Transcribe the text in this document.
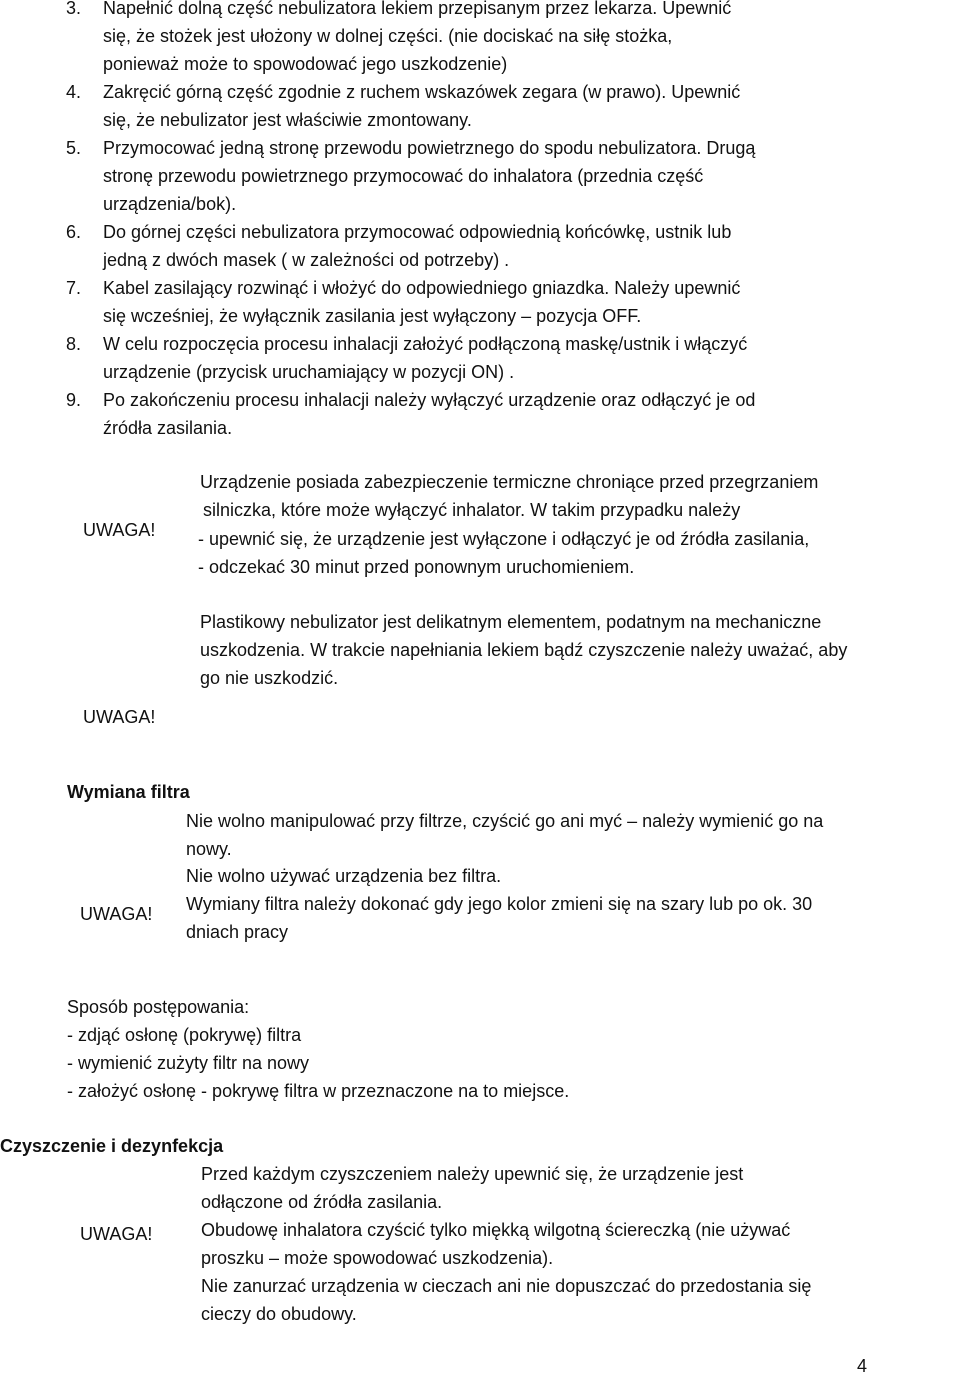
3. Napełnić dolną część nebulizatora lekiem przepisanym przez lekarza. Upewnić
się, że stożek jest ułożony w dolnej części. (nie dociskać na siłę stożka,
ponieważ może to spowodować jego uszkodzenie)
4. Zakręcić górną część zgodnie z ruchem wskazówek zegara (w prawo). Upewnić
się, że nebulizator jest właściwie zmontowany.
5. Przymocować jedną stronę przewodu powietrznego do spodu nebulizatora. Drugą
stronę przewodu powietrznego przymocować do inhalatora (przednia część
urządzenia/bok).
6. Do górnej części nebulizatora przymocować odpowiednią końcówkę, ustnik lub
jedną z dwóch masek ( w zależności od potrzeby) .
7. Kabel zasilający rozwinąć i włożyć do odpowiedniego gniazdka. Należy upewnić
się wcześniej, że wyłącznik zasilania jest wyłączony – pozycja OFF.
8. W celu rozpoczęcia procesu inhalacji założyć podłączoną maskę/ustnik i włączyć
urządzenie (przycisk uruchamiający w pozycji ON) .
9. Po zakończeniu procesu inhalacji należy wyłączyć urządzenie oraz odłączyć je od
źródła zasilania.
UWAGA!
Urządzenie posiada zabezpieczenie termiczne chroniące przed przegrzaniem
silniczka, które może wyłączyć inhalator. W takim przypadku należy
- upewnić się, że urządzenie jest wyłączone i odłączyć je od źródła zasilania,
- odczekać 30 minut przed ponownym uruchomieniem.
Plastikowy nebulizator jest delikatnym elementem, podatnym na mechaniczne
uszkodzenia. W trakcie napełniania lekiem bądź czyszczenie należy uważać, aby
go nie uszkodzić.
UWAGA!
Wymiana filtra
Nie wolno manipulować przy filtrze, czyścić go ani myć – należy wymienić go na
nowy.
Nie wolno używać urządzenia bez filtra.
Wymiany filtra należy dokonać gdy jego kolor zmieni się na szary lub po ok. 30
dniach pracy
UWAGA!
Sposób postępowania:
- zdjąć osłonę (pokrywę) filtra
- wymienić zużyty filtr na nowy
- założyć osłonę - pokrywę filtra w przeznaczone na to miejsce.
Czyszczenie i dezynfekcja
Przed każdym czyszczeniem należy upewnić się, że urządzenie jest
odłączone od źródła zasilania.
Obudowę inhalatora czyścić tylko miękką wilgotną ściereczką (nie używać
proszku – może spowodować uszkodzenia).
Nie zanurzać urządzenia w cieczach ani nie dopuszczać do przedostania się
cieczy do obudowy.
UWAGA!
4
